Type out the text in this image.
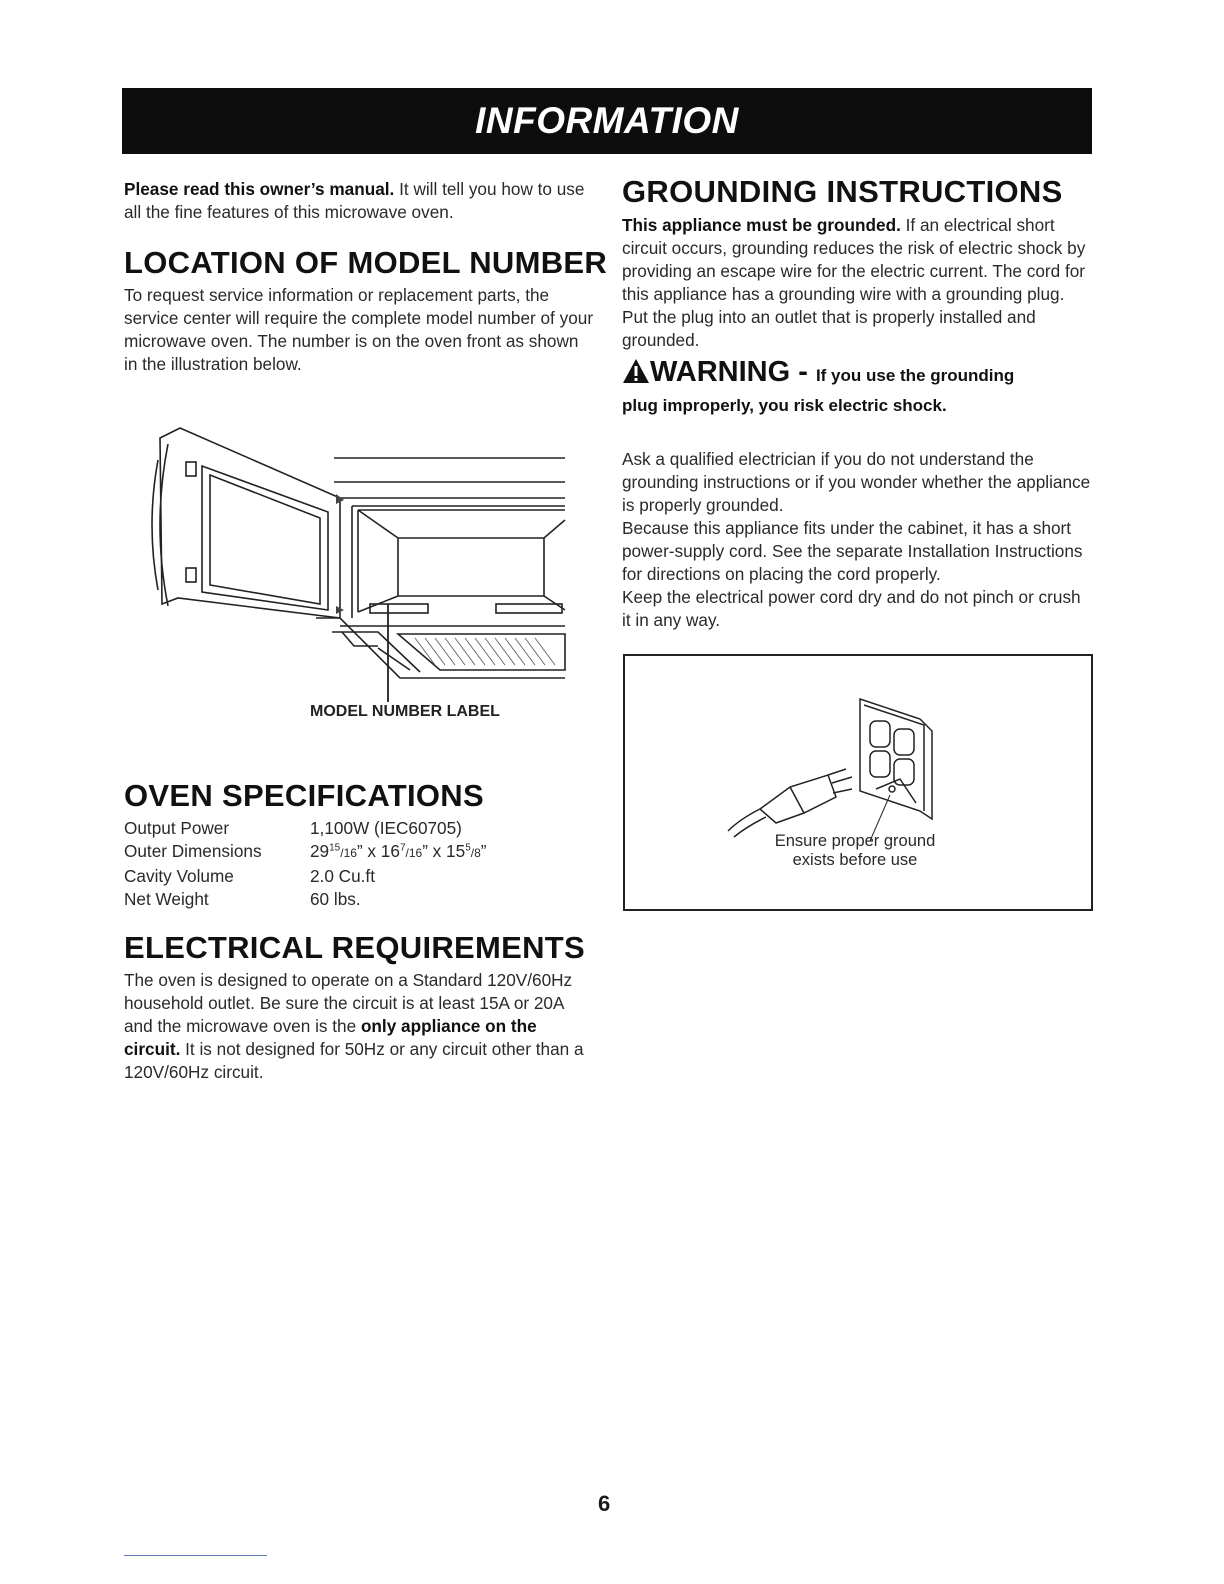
INFORMATION
Please read this owner’s manual. It will tell you how to use all the fine features of this microwave oven.
LOCATION OF MODEL NUMBER
To request service information or replacement parts, the service center will require the complete model number of your microwave oven. The number is on the oven front as shown in the illustration below.
MODEL NUMBER LABEL
OVEN SPECIFICATIONS
Output Power	1,100W (IEC60705)
Outer Dimensions	$29^{15}/16$” x $16^7/16$” x $15^5/8$”
Cavity Volume	2.0 Cu.ft
Net Weight	60 lbs.
ELECTRICAL REQUIREMENTS
The oven is designed to operate on a Standard 120V/60Hz household outlet. Be sure the circuit is at least 15A or 20A and the microwave oven is the only appliance on the circuit. It is not designed for 50Hz or any circuit other than a 120V/60Hz circuit.
GROUNDING INSTRUCTIONS
This appliance must be grounded. If an electrical short circuit occurs, grounding reduces the risk of electric shock by providing an escape wire for the electric current. The cord for this appliance has a grounding wire with a grounding plug. Put the plug into an outlet that is properly installed and grounded.
WARNING - If you use the grounding
plug improperly, you risk electric shock.
Ask a qualified electrician if you do not understand the grounding instructions or if you wonder whether the appliance is properly grounded.
Because this appliance fits under the cabinet, it has a short power-supply cord. See the separate Installation Instructions for directions on placing the cord properly.
Keep the electrical power cord dry and do not pinch or crush it in any way.
Ensure proper ground
exists before use
6
